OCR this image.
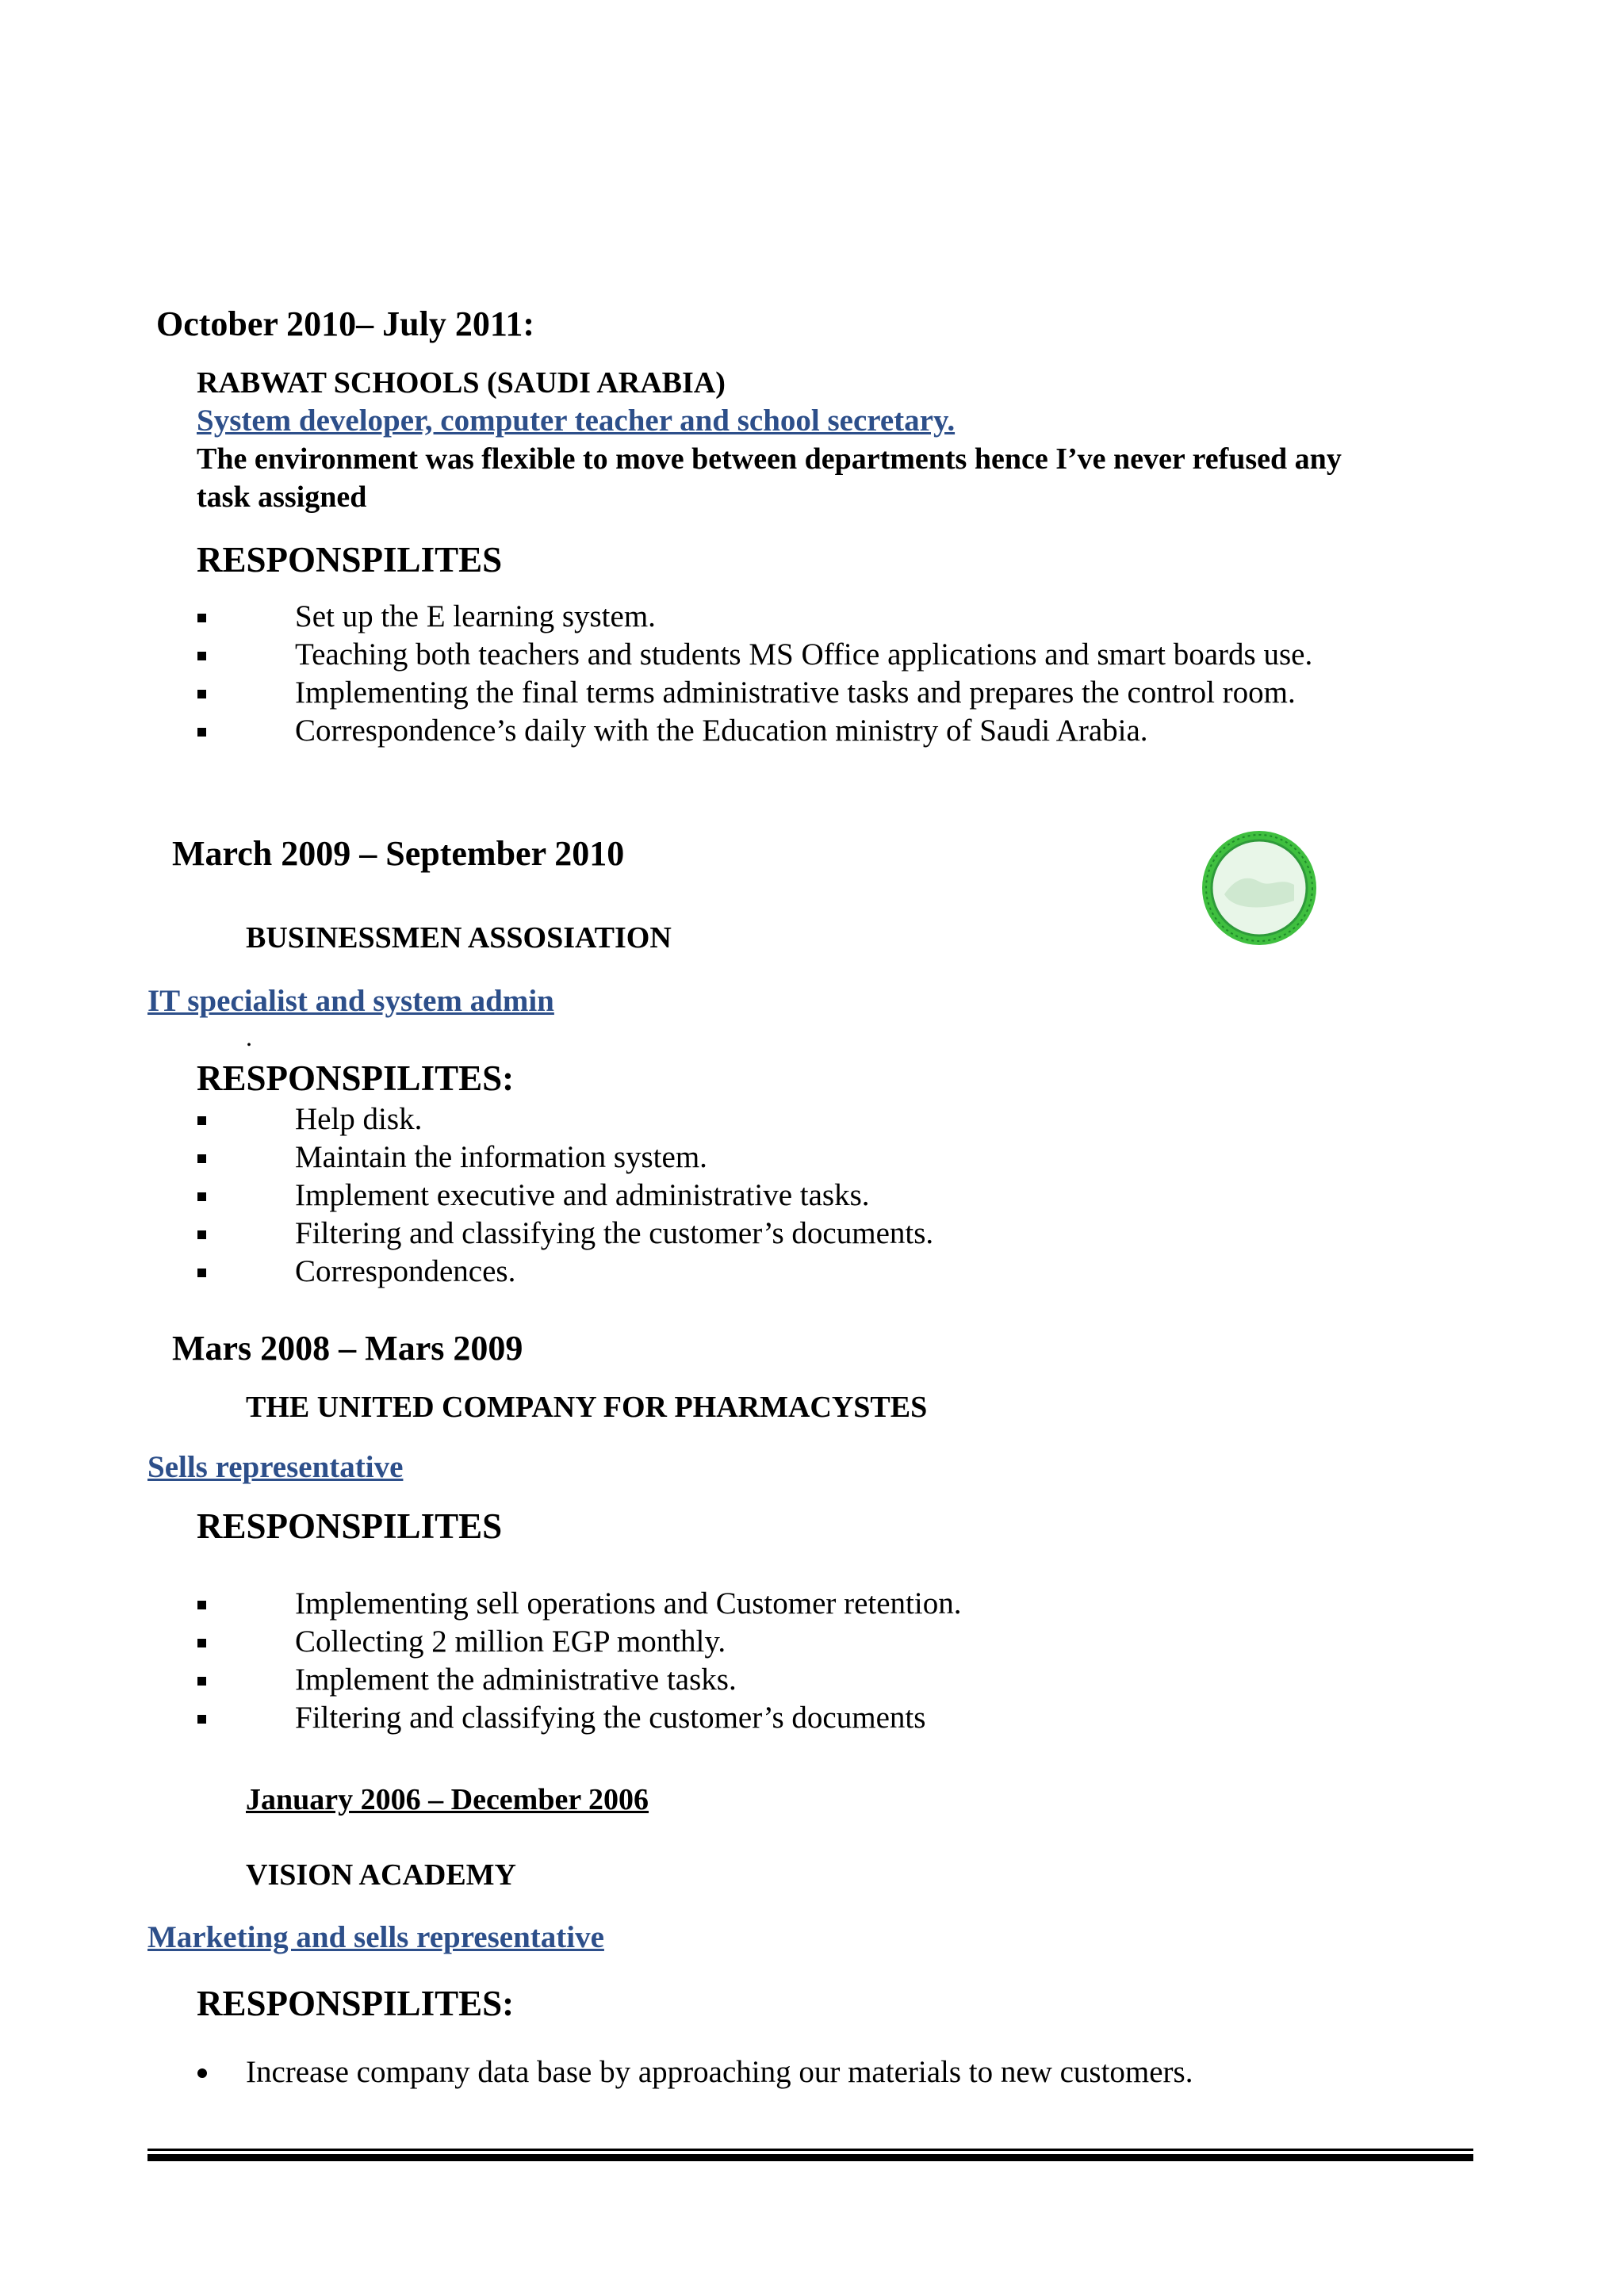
October 2010– July 2011:
RABWAT SCHOOLS (SAUDI ARABIA)
System developer, computer teacher and school secretary.
The environment was flexible to move between departments hence I’ve never refused any task assigned
RESPONSPILITES
Set up the E learning system.
Teaching both teachers and students MS Office applications and smart boards use.
Implementing the final terms administrative tasks and prepares the control room.
Correspondence’s daily with the Education ministry of Saudi Arabia.
March 2009 – September 2010
BUSINESSMEN ASSOSIATION
IT specialist and system admin
.
RESPONSPILITES:
Help disk.
Maintain the information system.
Implement executive and administrative tasks.
Filtering and classifying the customer’s documents.
Correspondences.
Mars 2008 – Mars 2009
THE UNITED COMPANY FOR PHARMACYSTES
Sells representative
RESPONSPILITES
Implementing sell operations and Customer retention.
Collecting 2 million EGP monthly.
Implement the administrative tasks.
Filtering and classifying the customer’s documents
January 2006 – December 2006
VISION ACADEMY
Marketing and sells representative
RESPONSPILITES:
Increase company data base by approaching our materials to new customers.
